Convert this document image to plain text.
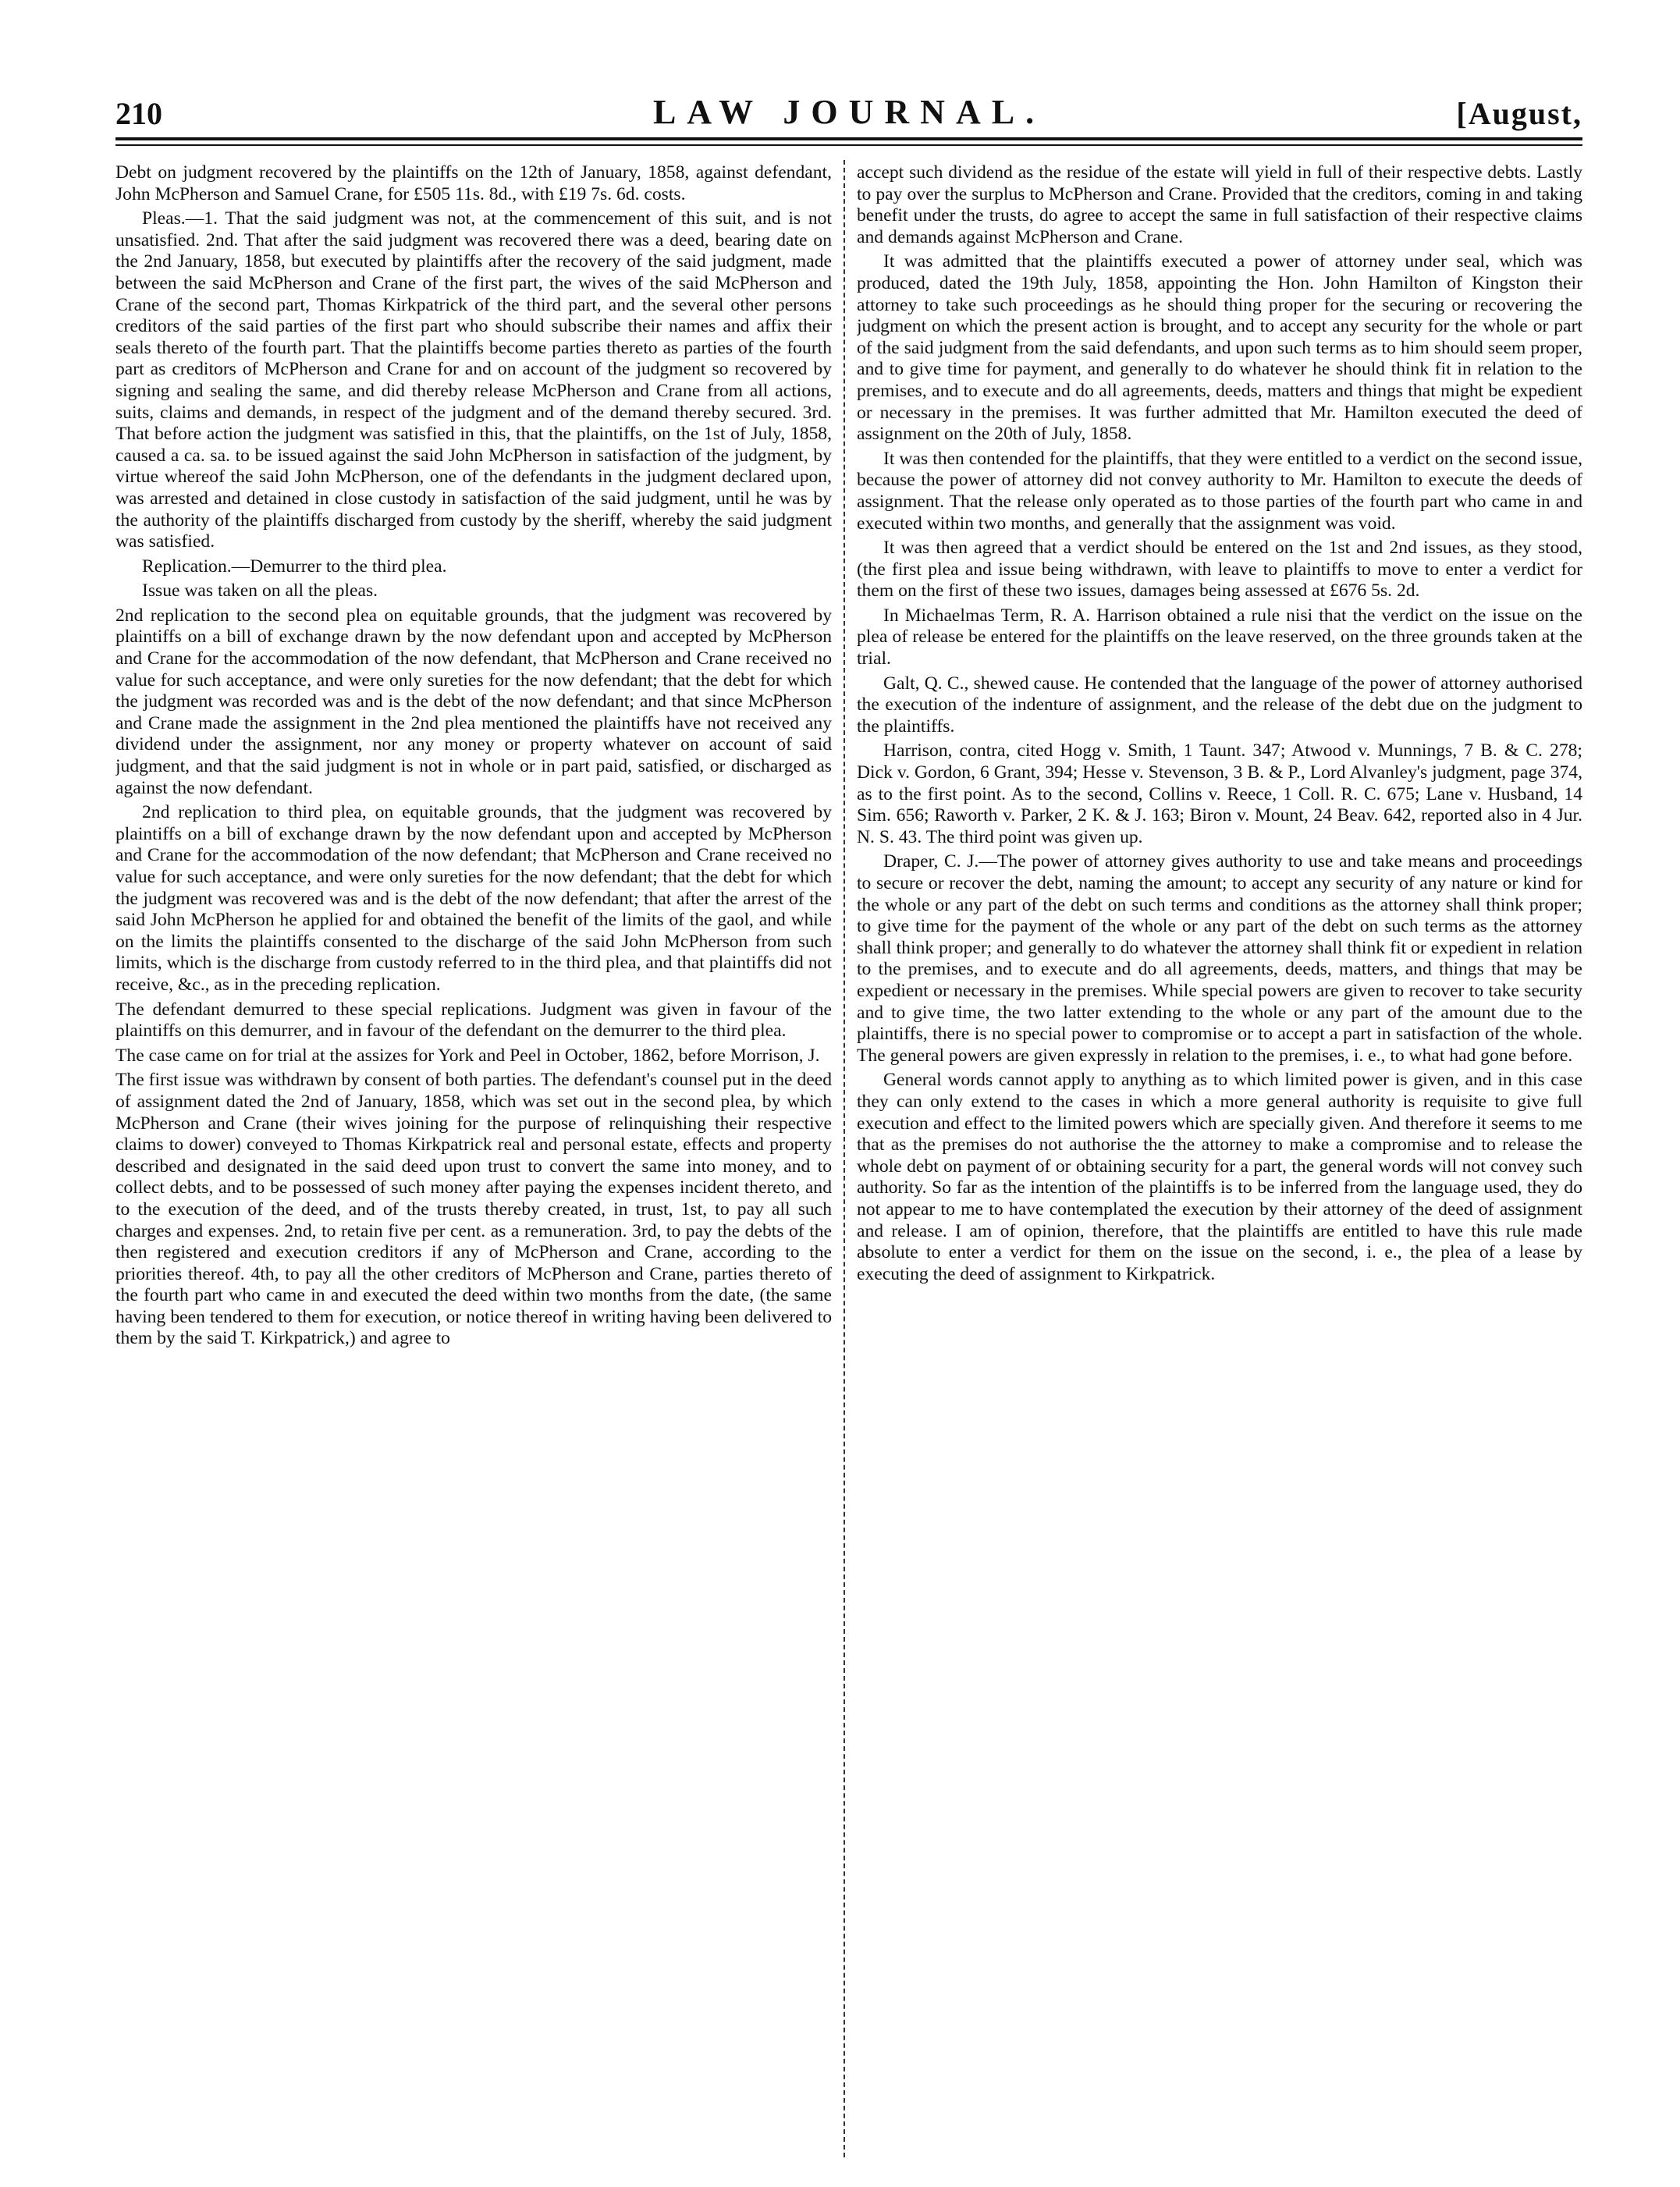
210	LAW JOURNAL.	[August,

Debt on judgment recovered by the plaintiffs on the 12th of January, 1858, against defendant, John McPherson and Samuel Crane, for £505 11s. 8d., with £19 7s. 6d. costs.

Pleas.—1. That the said judgment was not, at the commencement of this suit, and is not unsatisfied. 2nd. That after the said judgment was recovered there was a deed, bearing date on the 2nd January, 1858, but executed by plaintiffs after the recovery of the said judgment, made between the said McPherson and Crane of the first part, the wives of the said McPherson and Crane of the second part, Thomas Kirkpatrick of the third part, and the several other persons creditors of the said parties of the first part who should subscribe their names and affix their seals thereto of the fourth part. That the plaintiffs become parties thereto as parties of the fourth part as creditors of McPherson and Crane for and on account of the judgment so recovered by signing and sealing the same, and did thereby release McPherson and Crane from all actions, suits, claims and demands, in respect of the judgment and of the demand thereby secured. 3rd. That before action the judgment was satisfied in this, that the plaintiffs, on the 1st of July, 1858, caused a ca. sa. to be issued against the said John McPherson in satisfaction of the judgment, by virtue whereof the said John McPherson, one of the defendants in the judgment declared upon, was arrested and detained in close custody in satisfaction of the said judgment, until he was by the authority of the plaintiffs discharged from custody by the sheriff, whereby the said judgment was satisfied.

Replication.—Demurrer to the third plea.

Issue was taken on all the pleas.

2nd replication to the second plea on equitable grounds, that the judgment was recovered by plaintiffs on a bill of exchange drawn by the now defendant upon and accepted by McPherson and Crane for the accommodation of the now defendant, that McPherson and Crane received no value for such acceptance, and were only sureties for the now defendant; that the debt for which the judgment was recorded was and is the debt of the now defendant; and that since McPherson and Crane made the assignment in the 2nd plea mentioned the plaintiffs have not received any dividend under the assignment, nor any money or property whatever on account of said judgment, and that the said judgment is not in whole or in part paid, satisfied, or discharged as against the now defendant.

2nd replication to third plea, on equitable grounds, that the judgment was recovered by plaintiffs on a bill of exchange drawn by the now defendant upon and accepted by McPherson and Crane for the accommodation of the now defendant; that McPherson and Crane received no value for such acceptance, and were only sureties for the now defendant; that the debt for which the judgment was recovered was and is the debt of the now defendant; that after the arrest of the said John McPherson he applied for and obtained the benefit of the limits of the gaol, and while on the limits the plaintiffs consented to the discharge of the said John McPherson from such limits, which is the discharge from custody referred to in the third plea, and that plaintiffs did not receive, &c., as in the preceding replication.

The defendant demurred to these special replications. Judgment was given in favour of the plaintiffs on this demurrer, and in favour of the defendant on the demurrer to the third plea.

The case came on for trial at the assizes for York and Peel in October, 1862, before Morrison, J.

The first issue was withdrawn by consent of both parties. The defendant's counsel put in the deed of assignment dated the 2nd of January, 1858, which was set out in the second plea, by which McPherson and Crane (their wives joining for the purpose of relinquishing their respective claims to dower) conveyed to Thomas Kirkpatrick real and personal estate, effects and property described and designated in the said deed upon trust to convert the same into money, and to collect debts, and to be possessed of such money after paying the expenses incident thereto, and to the execution of the deed, and of the trusts thereby created, in trust, 1st, to pay all such charges and expenses. 2nd, to retain five per cent. as a remuneration. 3rd, to pay the debts of the then registered and execution creditors if any of McPherson and Crane, according to the priorities thereof. 4th, to pay all the other creditors of McPherson and Crane, parties thereto of the fourth part who came in and executed the deed within two months from the date, (the same having been tendered to them for execution, or notice thereof in writing having been delivered to them by the said T. Kirkpatrick,) and agree to

accept such dividend as the residue of the estate will yield in full of their respective debts. Lastly to pay over the surplus to McPherson and Crane. Provided that the creditors, coming in and taking benefit under the trusts, do agree to accept the same in full satisfaction of their respective claims and demands against McPherson and Crane.

It was admitted that the plaintiffs executed a power of attorney under seal, which was produced, dated the 19th July, 1858, appointing the Hon. John Hamilton of Kingston their attorney to take such proceedings as he should thing proper for the securing or recovering the judgment on which the present action is brought, and to accept any security for the whole or part of the said judgment from the said defendants, and upon such terms as to him should seem proper, and to give time for payment, and generally to do whatever he should think fit in relation to the premises, and to execute and do all agreements, deeds, matters and things that might be expedient or necessary in the premises. It was further admitted that Mr. Hamilton executed the deed of assignment on the 20th of July, 1858.

It was then contended for the plaintiffs, that they were entitled to a verdict on the second issue, because the power of attorney did not convey authority to Mr. Hamilton to execute the deeds of assignment. That the release only operated as to those parties of the fourth part who came in and executed within two months, and generally that the assignment was void.

It was then agreed that a verdict should be entered on the 1st and 2nd issues, as they stood, (the first plea and issue being withdrawn, with leave to plaintiffs to move to enter a verdict for them on the first of these two issues, damages being assessed at £676 5s. 2d.

In Michaelmas Term, R. A. Harrison obtained a rule nisi that the verdict on the issue on the plea of release be entered for the plaintiffs on the leave reserved, on the three grounds taken at the trial.

Galt, Q. C., shewed cause. He contended that the language of the power of attorney authorised the execution of the indenture of assignment, and the release of the debt due on the judgment to the plaintiffs.

Harrison, contra, cited Hogg v. Smith, 1 Taunt. 347; Atwood v. Munnings, 7 B. & C. 278; Dick v. Gordon, 6 Grant, 394; Hesse v. Stevenson, 3 B. & P., Lord Alvanley's judgment, page 374, as to the first point. As to the second, Collins v. Reece, 1 Coll. R. C. 675; Lane v. Husband, 14 Sim. 656; Raworth v. Parker, 2 K. & J. 163; Biron v. Mount, 24 Beav. 642, reported also in 4 Jur. N. S. 43. The third point was given up.

Draper, C. J.—The power of attorney gives authority to use and take means and proceedings to secure or recover the debt, naming the amount; to accept any security of any nature or kind for the whole or any part of the debt on such terms and conditions as the attorney shall think proper; to give time for the payment of the whole or any part of the debt on such terms as the attorney shall think proper; and generally to do whatever the attorney shall think fit or expedient in relation to the premises, and to execute and do all agreements, deeds, matters, and things that may be expedient or necessary in the premises. While special powers are given to recover to take security and to give time, the two latter extending to the whole or any part of the amount due to the plaintiffs, there is no special power to compromise or to accept a part in satisfaction of the whole. The general powers are given expressly in relation to the premises, i. e., to what had gone before.

General words cannot apply to anything as to which limited power is given, and in this case they can only extend to the cases in which a more general authority is requisite to give full execution and effect to the limited powers which are specially given. And therefore it seems to me that as the premises do not authorise the the attorney to make a compromise and to release the whole debt on payment of or obtaining security for a part, the general words will not convey such authority. So far as the intention of the plaintiffs is to be inferred from the language used, they do not appear to me to have contemplated the execution by their attorney of the deed of assignment and release. I am of opinion, therefore, that the plaintiffs are entitled to have this rule made absolute to enter a verdict for them on the issue on the second, i. e., the plea of a lease by executing the deed of assignment to Kirkpatrick.
